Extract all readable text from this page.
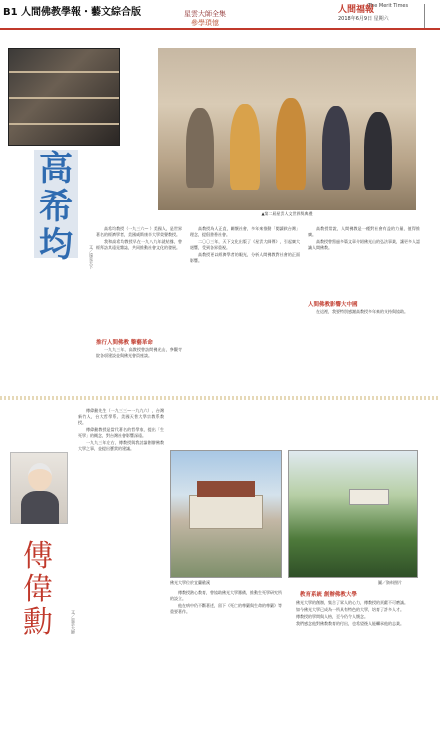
B1 人間佛教學報・藝文綜合版	星雲大師全集
參學瑣憶
人間福報
The Merit Times
2018年6月9日 星期六
▲第二屆星雲人文世界獎典禮
高
希
均	文／遠見天下

高希均教授（一九三六— ）美國人，是世界著名的經濟學者，美國威斯康辛大學榮譽教授。

我和高希均教授早在一九八九年就結緣，曾經拜訪其遠見雜誌，共同推動社會文化的發展。

推行人間佛教 擎藝革命

一九九三年，高教授曾訪問佛光山，參觀寺院各項建設並與佛光會員座談。

高教授為人正直，關懷社會，多年來推動「閱讀救台灣」理念，提倡書香社會。

二〇〇三年，天下文化出版了《星雲大師傳》，引起廣大迴響，受到各界重視。

高教授更以經濟學者的眼光，分析人間佛教對社會的正面影響。

高教授常說，人間佛教是一種對社會有益的力量，值得推廣。

高教授曾寫過多篇文章介紹佛光山的弘法事業，讓更多人認識人間佛教。

人間佛教影響大中國

在這裡，我要特別感謝高教授多年來的支持與協助。

傅
偉
勳	文／星雲大師

傅偉勳先生（一九三三—一九九六），台灣新竹人，台大哲學系、美國天普大學宗教系教授。

傅偉勳教授是當代著名的哲學家，提出「生死學」的概念，對台灣社會影響深遠。

一九九三年左右，傅教授與我討論創辦佛教大學之事，並提出寶貴的建議。

佛光大學位於宜蘭礁溪	圖／資料照片

傅教授熱心教育，曾協助佛光大學籌備，推動生死學研究所的設立。

他在病中仍不斷著述，留下《死亡的尊嚴與生命的尊嚴》等重要著作。

教育系統 創辦佛教大學

佛光大學的創辦，集合了眾人的心力，傅教授的貢獻不可磨滅。

如今佛光大學已成為一所具有特色的大學，培育了許多人才。

傅教授的學問與人格，至今仍令人懷念。

我們感念他對佛教教育的付出，也希望後人能繼承他的志業。
